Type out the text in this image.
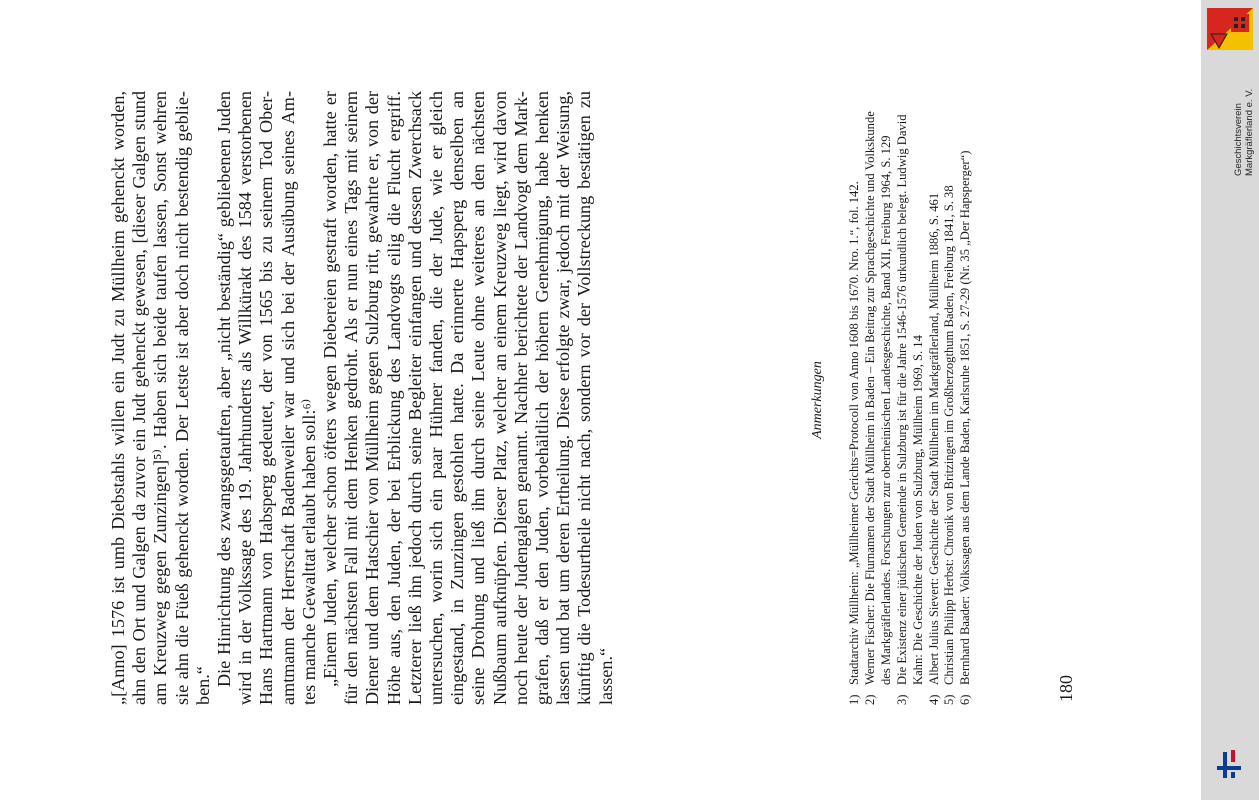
„[Anno] 1576 ist umb Diebstahls willen ein Judt zu Müllheim gehenckt worden, ahn den Ort und Galgen da zuvor ein Judt gehenckt gewesen, [dieser Galgen stund am Kreuzweg gegen Zunzingen]⁵⁾. Haben sich beide taufen lassen, Sonst wehren sie ahn die Füeß gehenckt worden. Der Letste ist aber doch nicht bestendig geblie- ben.“ Die Hinrichtung des zwangsgetauften, aber „nicht beständig“ gebliebenen Juden wird in der Volkssage des 19. Jahrhunderts als Willkürakt des 1584 verstorbenen Hans Hartmann von Habsperg gedeutet, der von 1565 bis zu seinem Tod Ober- amtmann der Herrschaft Badenweiler war und sich bei der Ausübung seines Am- tes manche Gewalttat erlaubt haben soll:⁶⁾ „Einem Juden, welcher schon öfters wegen Diebereien gestraft worden, hatte er für den nächsten Fall mit dem Henken gedroht. Als er nun eines Tags mit seinem Diener und dem Hatschier von Müllheim gegen Sulzburg ritt, gewahrte er, von der Höhe aus, den Juden, der bei Erblickung des Landvogts eilig die Flucht ergriff. Letzterer ließ ihn jedoch durch seine Begleiter einfangen und dessen Zwerchsack untersuchen, worin sich ein paar Hühner fanden, die der Jude, wie er gleich eingestand, in Zunzingen gestohlen hatte. Da erinnerte Hapsperg denselben an seine Drohung und ließ ihn durch seine Leute ohne weiteres an den nächsten Nußbaum aufknüpfen. Dieser Platz, welcher an einem Kreuzweg liegt, wird davon noch heute der Judengalgen genannt. Nachher berichtete der Landvogt dem Mark- grafen, daß er den Juden, vorbehältlich der höhern Genehmigung, habe henken lassen und bat um deren Ertheilung. Diese erfolgte zwar, jedoch mit der Weisung, künftig die Todesurtheile nicht nach, sondern vor der Vollstreckung bestätigen zu lassen.“

Anmerkungen
1)
Stadtarchiv Müllheim: „Müllheimer Gerichts=Protocoll von Anno 1608 bis 1670. Nro. 1.“, fol. 142.
2)
Werner Fischer: Die Flurnamen der Stadt Müllheim in Baden – Ein Beitrag zur Sprachgeschichte und Volkskunde des Markgräflerlandes. Forschungen zur oberrheinischen Landesgeschichte, Band XII, Freiburg 1964, S. 129
3)
Die Existenz einer jüdischen Gemeinde in Sulzburg ist für die Jahre 1546-1576 urkundlich belegt. Ludwig David Kahn: Die Geschichte der Juden von Sulzburg, Müllheim 1969, S. 14
4)
Albert Julius Sievert: Geschichte der Stadt Müllheim im Markgräflerland, Müllheim 1886, S. 461
5)
Christian Philipp Herbst: Chronik von Britzingen im Großherzogthum Baden, Freiburg 1841, S. 38
6)
Bernhard Baader: Volkssagen aus dem Lande Baden, Karlsruhe 1851, S. 27-29 (Nr. 35 „Der Hapsperger“)
180
Geschichtsverein Markgräflerland e. V.
